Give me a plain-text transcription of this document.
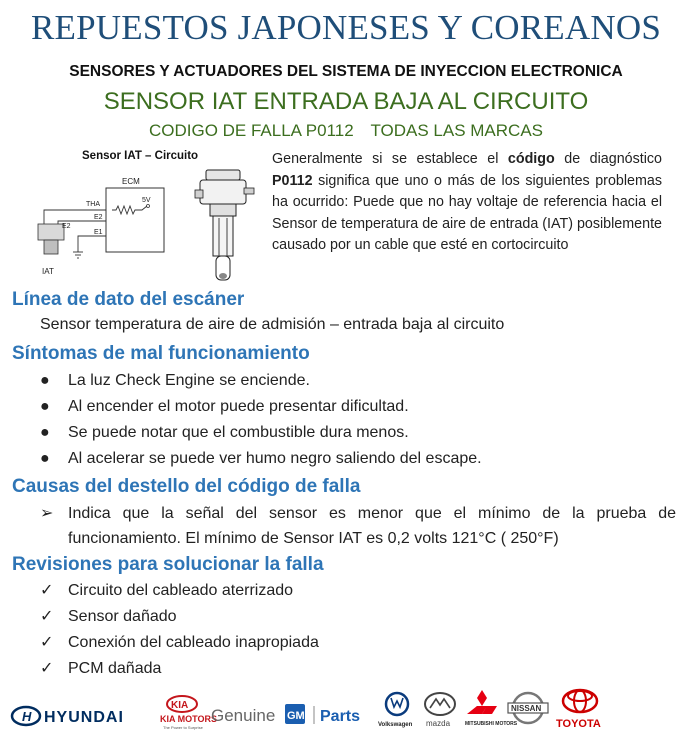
REPUESTOS JAPONESES Y COREANOS
SENSORES Y ACTUADORES DEL SISTEMA DE INYECCION ELECTRONICA
SENSOR IAT ENTRADA BAJA AL CIRCUITO
CODIGO DE FALLA P0112 TODAS LAS MARCAS
Sensor IAT – Circuito
ECM
THA
E2
E1
5V
E2
IAT
Generalmente si se establece el código de diagnóstico P0112 significa que uno o más de los siguientes problemas ha ocurrido: Puede que no hay voltaje de referencia hacia el Sensor de temperatura de aire de entrada (IAT) posiblemente causado por un cable que esté en cortocircuito
Línea de dato del escáner
Sensor temperatura de aire de admisión – entrada baja al circuito
Síntomas de mal funcionamiento
●	La luz Check Engine se enciende.
●	Al encender el motor puede presentar dificultad.
●	Se puede notar que el combustible dura menos.
●	Al acelerar se puede ver humo negro saliendo del escape.
Causas del destello del código de falla
➢ Indica que la señal del sensor es menor que el mínimo de la prueba de funcionamiento. El mínimo de Sensor IAT es 0,2 volts 121°C ( 250°F)
Revisiones para solucionar la falla
✓ Circuito del cableado aterrizado
✓ Sensor dañado
✓ Conexión del cableado inapropiada
✓ PCM dañada
H HYUNDAI
KIA
KIA MOTORS
The Power to Surprise
Genuine GM Parts	Volkswagen mazda	MITSUBISHI MOTORS
NISSAN
TOYOTA
